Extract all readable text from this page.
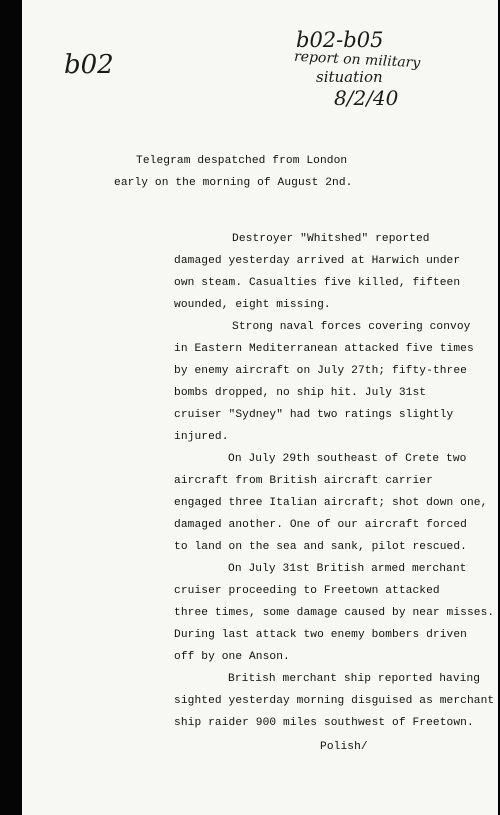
b02
b02-b05
report on military
situation
8/2/40
Telegram despatched from London
early on the morning of August 2nd.
Destroyer "Whitshed" reported
damaged yesterday arrived at Harwich under
own steam. Casualties five killed, fifteen
wounded, eight missing.
Strong naval forces covering convoy
in Eastern Mediterranean attacked five times
by enemy aircraft on July 27th; fifty-three
bombs dropped, no ship hit. July 31st
cruiser "Sydney" had two ratings slightly
injured.
On July 29th southeast of Crete two
aircraft from British aircraft carrier
engaged three Italian aircraft; shot down one,
damaged another. One of our aircraft forced
to land on the sea and sank, pilot rescued.
On July 31st British armed merchant
cruiser proceeding to Freetown attacked
three times, some damage caused by near misses.
During last attack two enemy bombers driven
off by one Anson.
British merchant ship reported having
sighted yesterday morning disguised as merchant
ship raider 900 miles southwest of Freetown.
Polish/
